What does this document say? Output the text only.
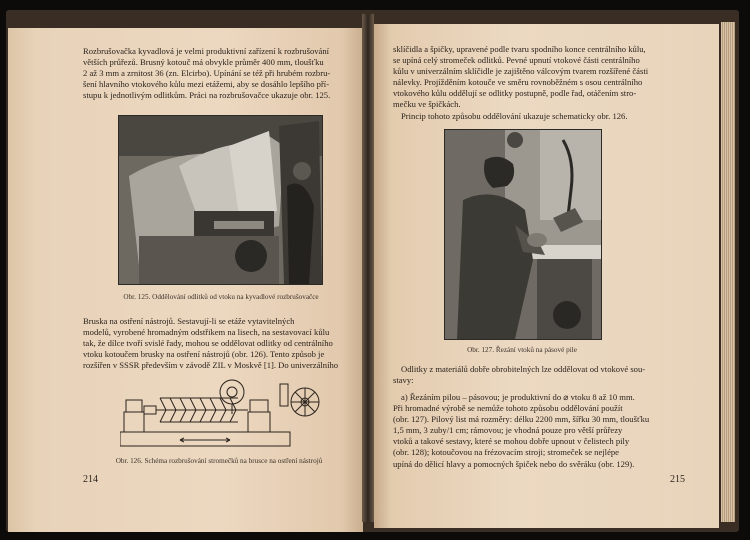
Rozbrušovačka kyvadlová je velmi produktivní zařízení k rozbrušování
větších průřezů. Brusný kotouč má obvykle průměr 400 mm, tloušťku
2 až 3 mm a zrnitost 36 (zn. Elcirbo). Upínání se též při hrubém rozbru-
šení hlavního vtokového kůlu mezi etážemi, aby se dosáhlo lepšího pří-
stupu k jednotlivým odlitkům. Práci na rozbrušovačce ukazuje obr. 125.
Obr. 125. Oddělování odlitků od vtoku na kyvadlové rozbrušovačce
Bruska na ostření nástrojů. Sestavují-li se etáže vytavitelných
modelů, vyrobené hromadným odstřikem na lisech, na sestavovací kůlu
tak, že dílce tvoří svislé řady, mohou se oddělovat odlitky od centrálního
vtoku kotoučem brusky na ostření nástrojů (obr. 126). Tento způsob je
rozšířen v SSSR především v závodě ZIL v Moskvě [1]. Do univerzálního
Obr. 126. Schéma rozbrušování stromečků na brusce na ostření nástrojů
214
sklíčidla a špičky, upravené podle tvaru spodního konce centrálního kůlu,
se upíná celý stromeček odlitků. Pevné upnutí vtokové části centrálního
kůlu v univerzálním sklíčidle je zajištěno válcovým tvarem rozšířené části
nálevky. Projížděním kotouče ve směru rovnoběžném s osou centrálního
vtokového kůlu oddělují se odlitky postupně, podle řad, otáčením stro-
mečku ve špičkách.
Princip tohoto způsobu oddělování ukazuje schematicky obr. 126.
Obr. 127. Řezání vtoků na pásové pile
Odlitky z materiálů dobře obrobitelných lze oddělovat od vtokové sou-
stavy:
a) Řezáním pilou – pásovou; je produktivní do ⌀ vtoku 8 až 10 mm.
Při hromadné výrobě se nemůže tohoto způsobu oddělování použít
(obr. 127). Pilový list má rozměry: délku 2200 mm, šířku 30 mm, tloušťku
1,5 mm, 3 zuby/1 cm; rámovou; je vhodná pouze pro větší průřezy
vtoků a takové sestavy, které se mohou dobře upnout v čelistech pily
(obr. 128); kotoučovou na frézovacím stroji; stromeček se nejlépe
upíná do dělicí hlavy a pomocných špiček nebo do svěráku (obr. 129).
215
